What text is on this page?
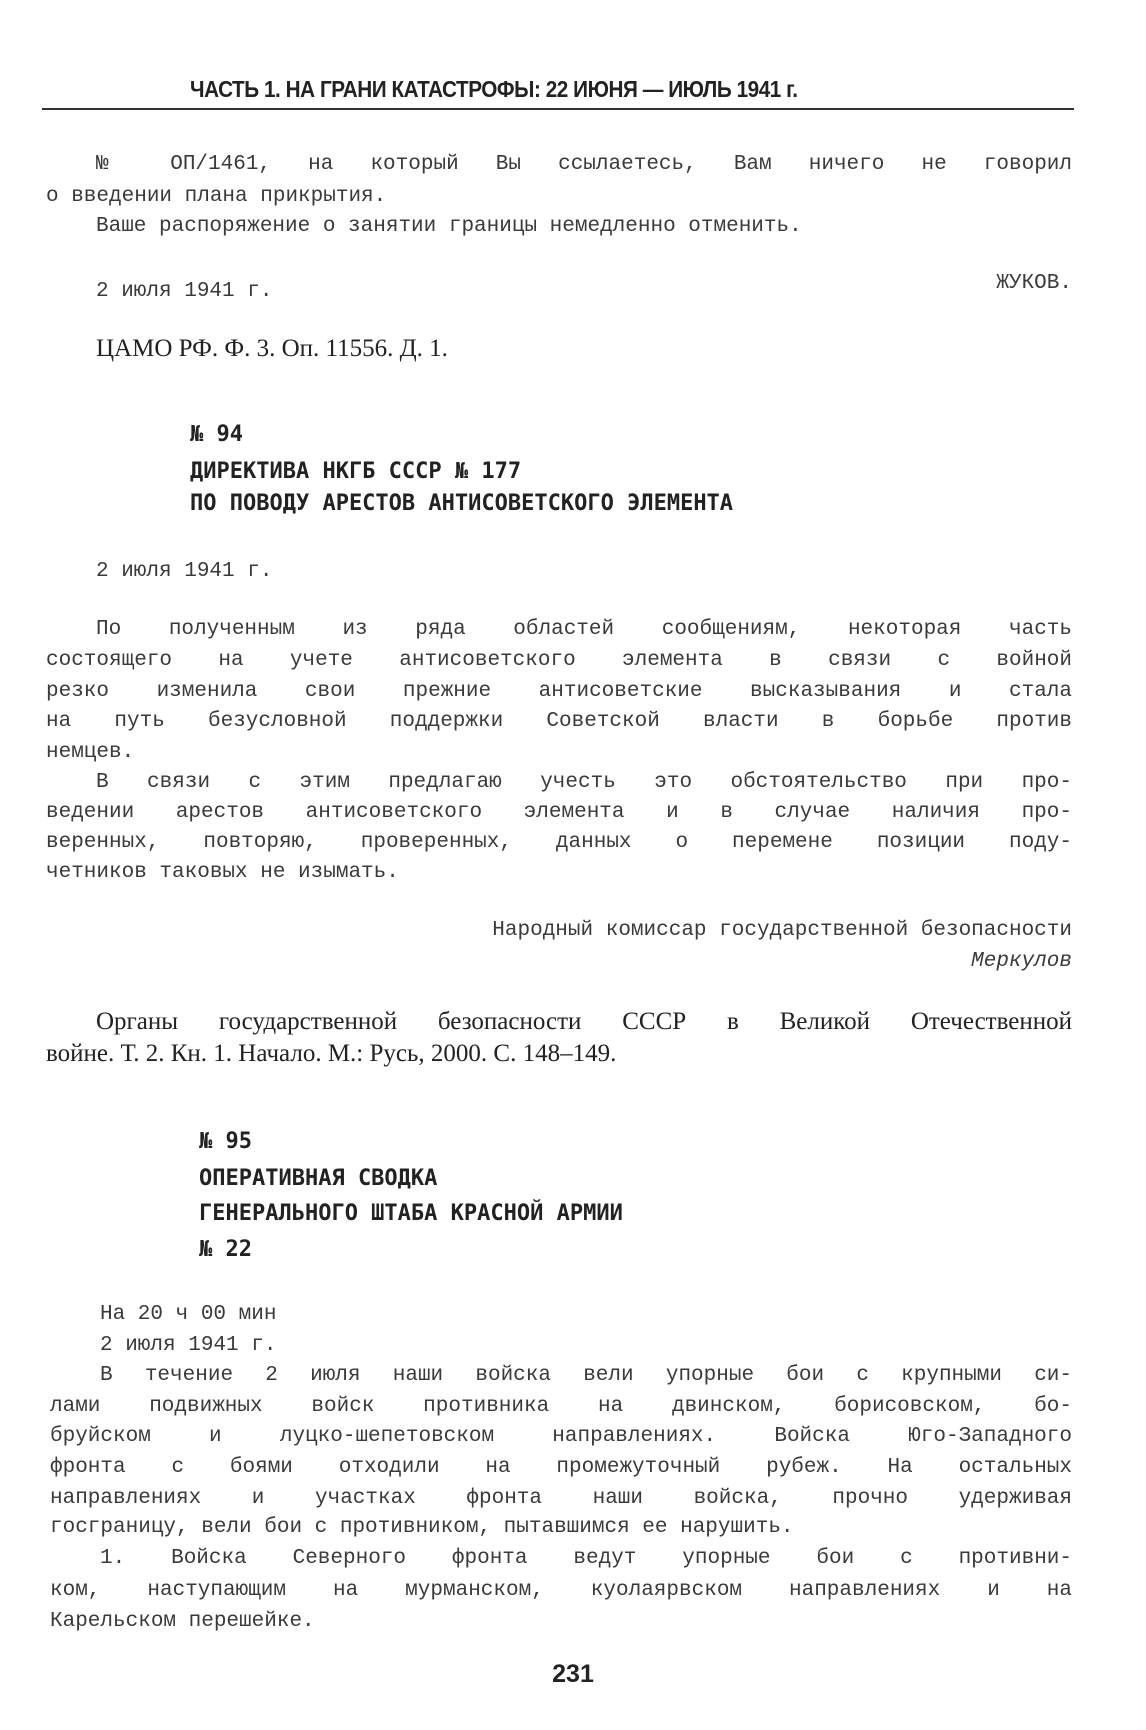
ЧАСТЬ 1. НА ГРАНИ КАТАСТРОФЫ: 22 ИЮНЯ — ИЮЛЬ 1941 г.
№ ОП/1461, на который Вы ссылаетесь, Вам ничего не говорил
о введении плана прикрытия.
Ваше распоряжение о занятии границы немедленно отменить.
2 июля 1941 г.	ЖУКОВ.
ЦАМО РФ. Ф. 3. Оп. 11556. Д. 1.
№ 94
ДИРЕКТИВА НКГБ СССР № 177
ПО ПОВОДУ АРЕСТОВ АНТИСОВЕТСКОГО ЭЛЕМЕНТА
2 июля 1941 г.
По полученным из ряда областей сообщениям, некоторая часть
состоящего на учете антисоветского элемента в связи с войной
резко изменила свои прежние антисоветские высказывания и стала
на путь безусловной поддержки Советской власти в борьбе против
немцев.
В связи с этим предлагаю учесть это обстоятельство при про-
ведении арестов антисоветского элемента и в случае наличия про-
веренных, повторяю, проверенных, данных о перемене позиции поду-
четников таковых не изымать.
Народный комиссар государственной безопасности
Меркулов
Органы государственной безопасности СССР в Великой Отечественной
войне. Т. 2. Кн. 1. Начало. М.: Русь, 2000. С. 148–149.
№ 95
ОПЕРАТИВНАЯ СВОДКА
ГЕНЕРАЛЬНОГО ШТАБА КРАСНОЙ АРМИИ
№ 22
На 20 ч 00 мин
2 июля 1941 г.
В течение 2 июля наши войска вели упорные бои с крупными си-
лами подвижных войск противника на двинском, борисовском, бо-
бруйском и луцко-шепетовском направлениях. Войска Юго-Западного
фронта с боями отходили на промежуточный рубеж. На остальных
направлениях и участках фронта наши войска, прочно удерживая
госграницу, вели бои с противником, пытавшимся ее нарушить.
1. Войска Северного фронта ведут упорные бои с противни-
ком, наступающим на мурманском, куолаярвском направлениях и на
Карельском перешейке.
231
